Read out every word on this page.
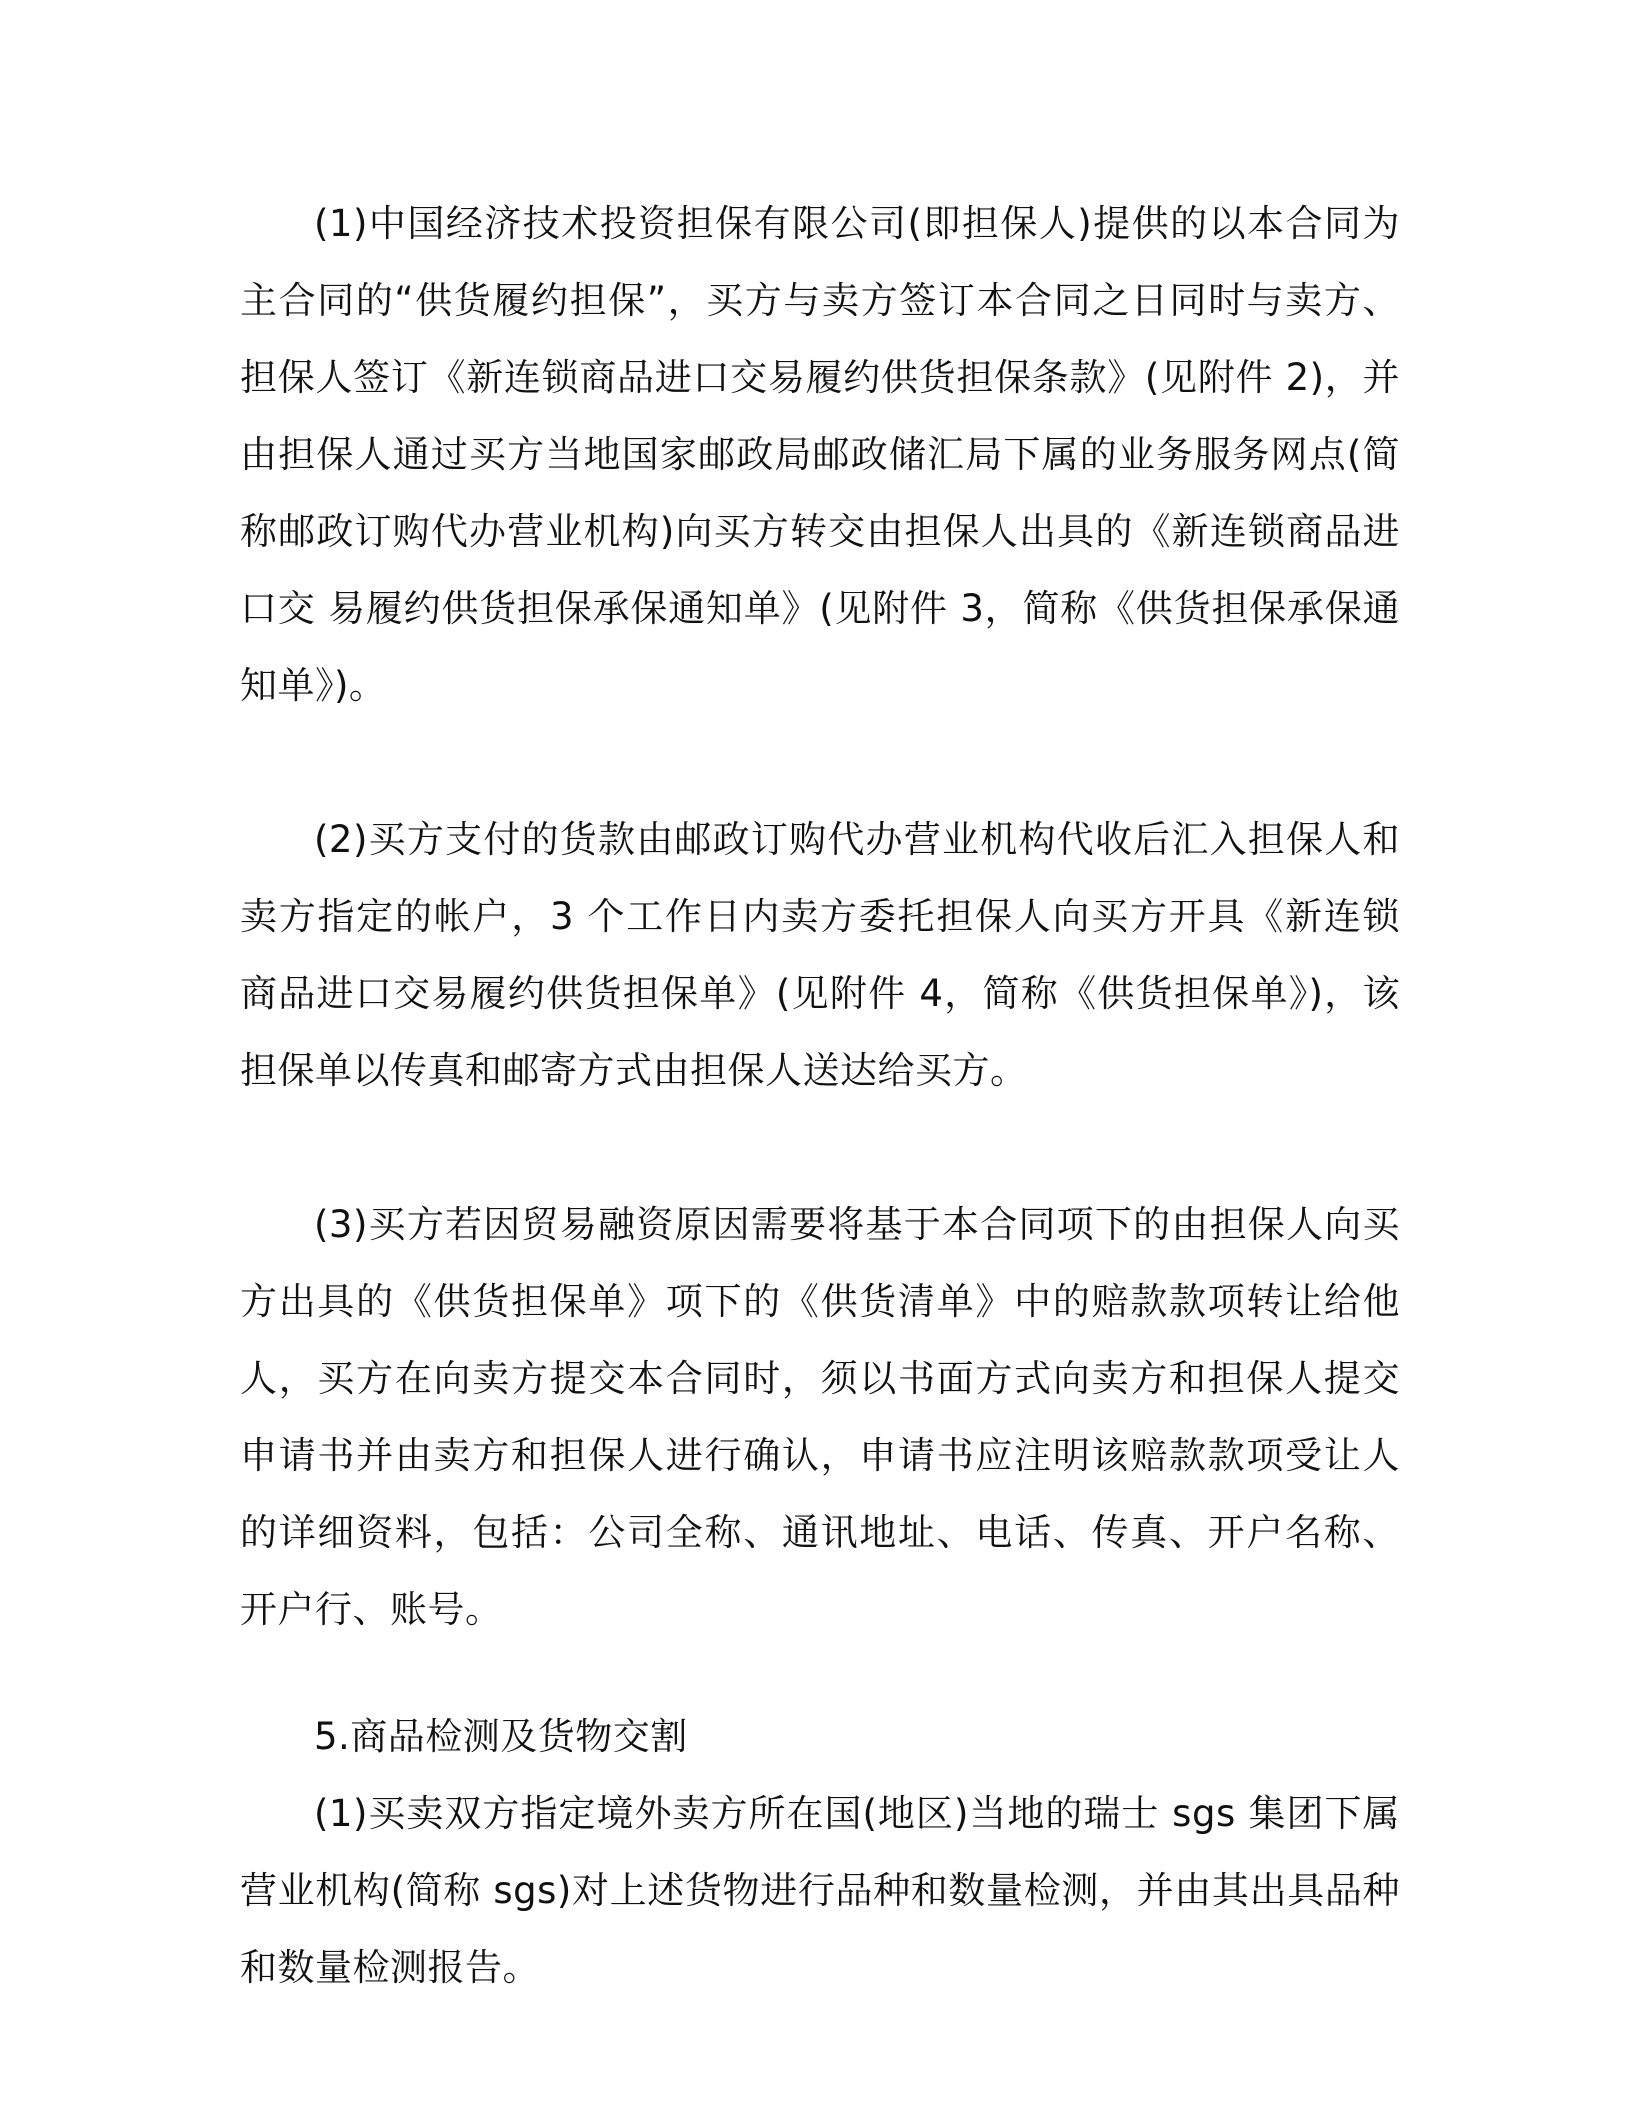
(1)中国经济技术投资担保有限公司(即担保人)提供的以本合同为主合同的“供货履约担保”，买方与卖方签订本合同之日同时与卖方、担保人签订《新连锁商品进口交易履约供货担保条款》(见附件 2)，并由担保人通过买方当地国家邮政局邮政储汇局下属的业务服务网点(简称邮政订购代办营业机构)向买方转交由担保人出具的《新连锁商品进口交 易履约供货担保承保通知单》(见附件 3，简称《供货担保承保通知单》)。

(2)买方支付的货款由邮政订购代办营业机构代收后汇入担保人和卖方指定的帐户，3 个工作日内卖方委托担保人向买方开具《新连锁商品进口交易履约供货担保单》(见附件 4，简称《供货担保单》)，该担保单以传真和邮寄方式由担保人送达给买方。

(3)买方若因贸易融资原因需要将基于本合同项下的由担保人向买方出具的《供货担保单》项下的《供货清单》中的赔款款项转让给他人，买方在向卖方提交本合同时，须以书面方式向卖方和担保人提交申请书并由卖方和担保人进行确认，申请书应注明该赔款款项受让人的详细资料，包括：公司全称、通讯地址、电话、传真、开户名称、开户行、账号。

5.商品检测及货物交割

(1)买卖双方指定境外卖方所在国(地区)当地的瑞士 sgs 集团下属营业机构(简称 sgs)对上述货物进行品种和数量检测，并由其出具品种和数量检测报告。
